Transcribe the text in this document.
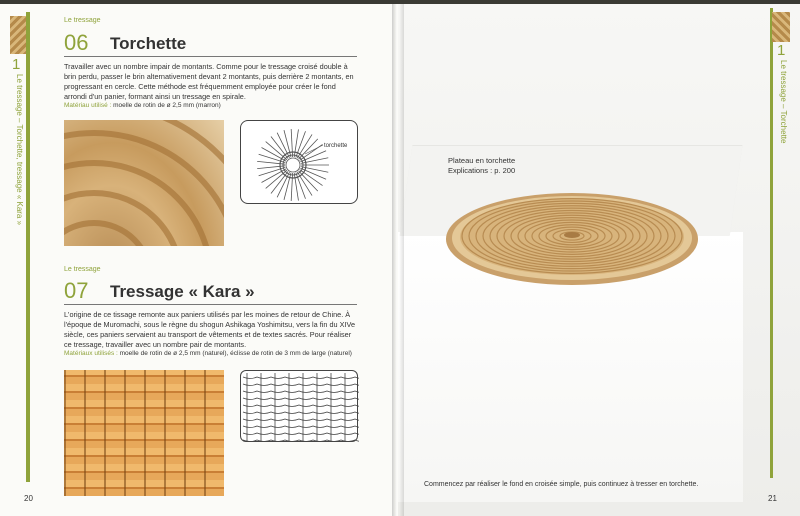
1
Le tressage – Torchette, tressage « Kara »
Le tressage
06 Torchette
Travailler avec un nombre impair de montants. Comme pour le tressage croisé double à brin perdu, passer le brin alternativement devant 2 montants, puis derrière 2 montants, en progressant en cercle. Cette méthode est fréquemment employée pour créer le fond arrondi d'un panier, formant ainsi un tressage en spirale.
Matériau utilisé : moelle de rotin de ø 2,5 mm (marron)
torchette
Le tressage
07 Tressage « Kara »
L'origine de ce tissage remonte aux paniers utilisés par les moines de retour de Chine. À l'époque de Muromachi, sous le règne du shogun Ashikaga Yoshimitsu, vers la fin du XIVe siècle, ces paniers servaient au transport de vêtements et de textes sacrés. Pour réaliser ce tressage, travailler avec un nombre pair de montants.
Matériaux utilisés : moelle de rotin de ø 2,5 mm (naturel), éclisse de rotin de 3 mm de large (naturel)
20
Plateau en torchette
Explications : p. 200
Commencez par réaliser le fond en croisée simple, puis continuez à tresser en torchette.
1
Le tressage – Torchette
21
